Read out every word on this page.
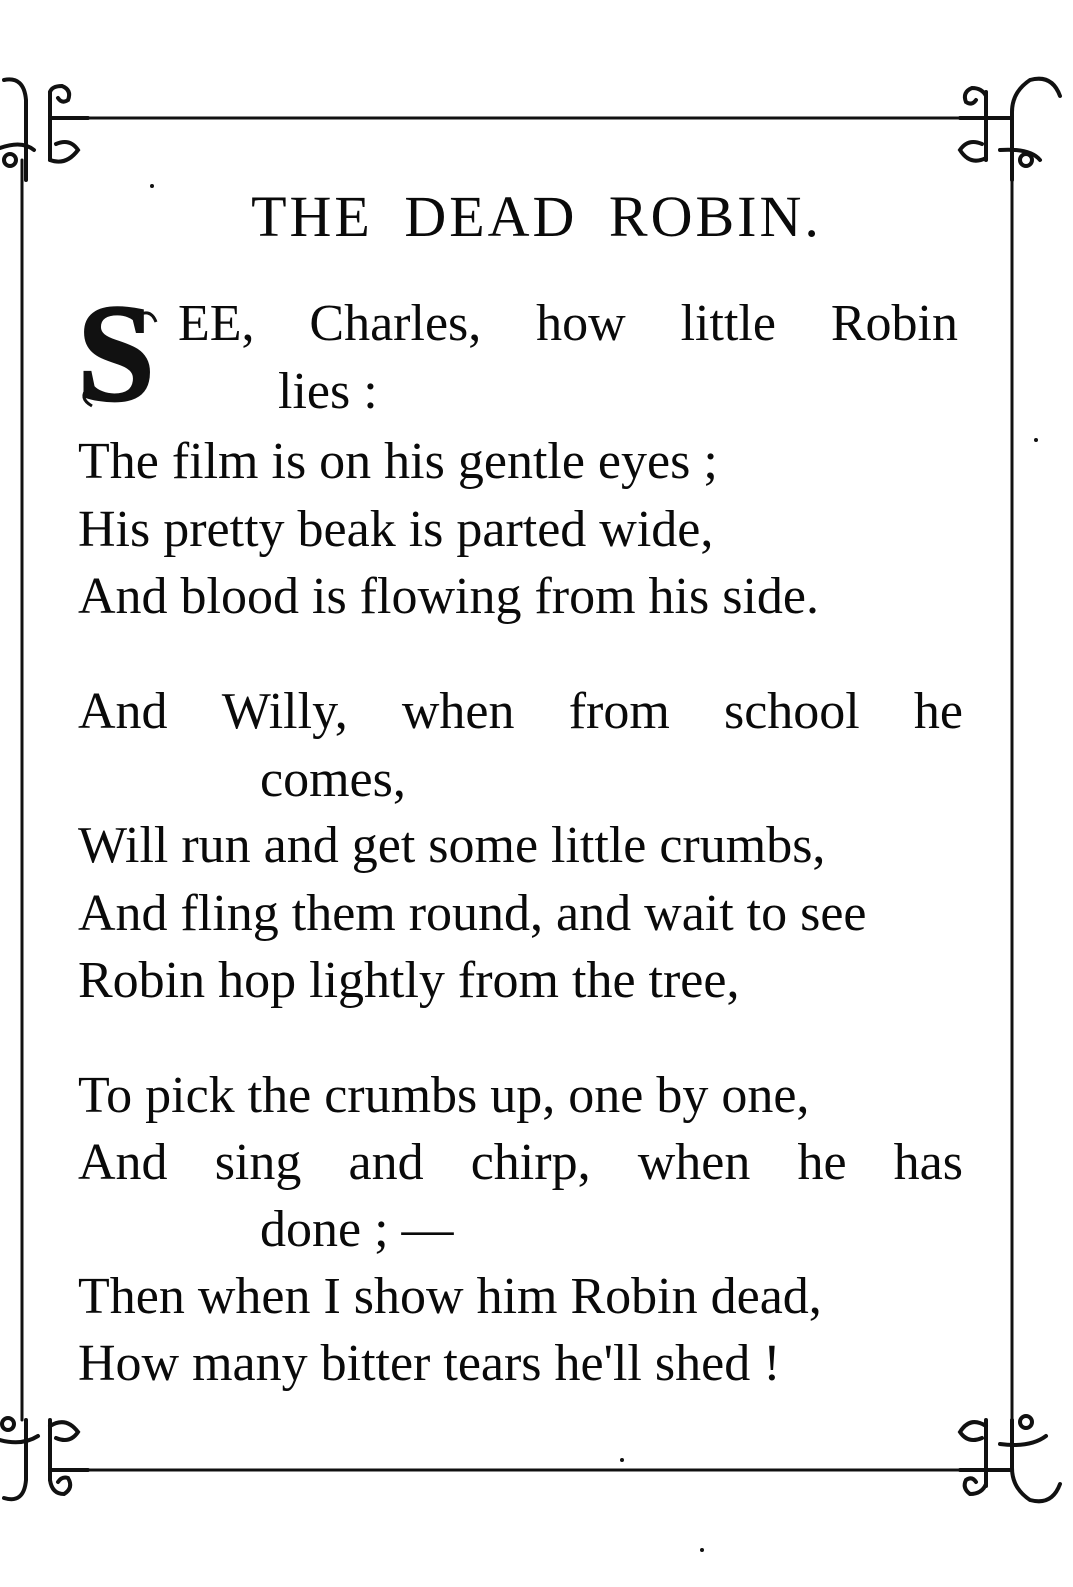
THE DEAD ROBIN.
S EE, Charles, how little Robin
lies :
The film is on his gentle eyes ;
His pretty beak is parted wide,
And blood is flowing from his side.
And Willy, when from school he
comes,
Will run and get some little crumbs,
And fling them round, and wait to see
Robin hop lightly from the tree,
To pick the crumbs up, one by one,
And sing and chirp, when he has
done ; —
Then when I show him Robin dead,
How many bitter tears he'll shed !
